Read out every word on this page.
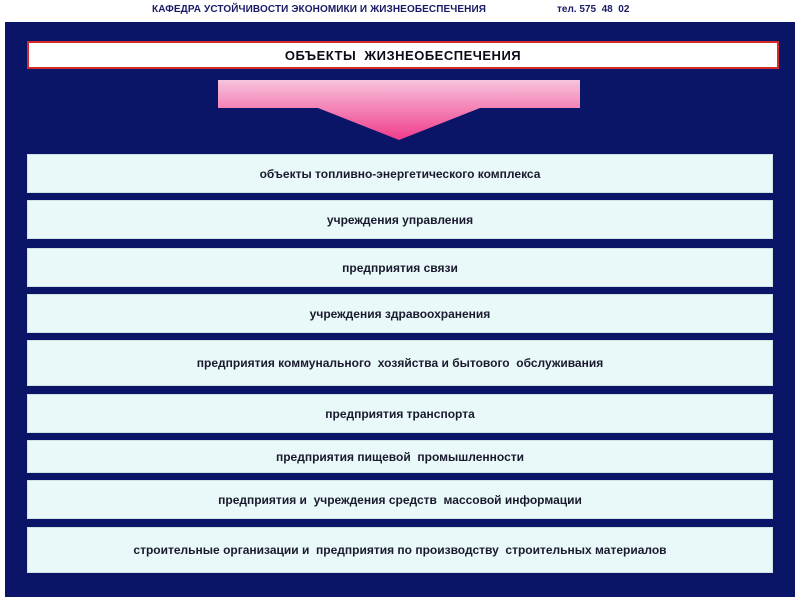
КАФЕДРА УСТОЙЧИВОСТИ ЭКОНОМИКИ И ЖИЗНЕОБЕСПЕЧЕНИЯ	тел. 575  48  02
ОБЪЕКТЫ  ЖИЗНЕОБЕСПЕЧЕНИЯ
объекты топливно-энергетического комплекса
учреждения управления
предприятия связи
учреждения здравоохранения
предприятия коммунального  хозяйства и бытового  обслуживания
предприятия транспорта
предприятия пищевой  промышленности
предприятия и  учреждения средств  массовой информации
строительные организации и  предприятия по производству  строительных материалов
